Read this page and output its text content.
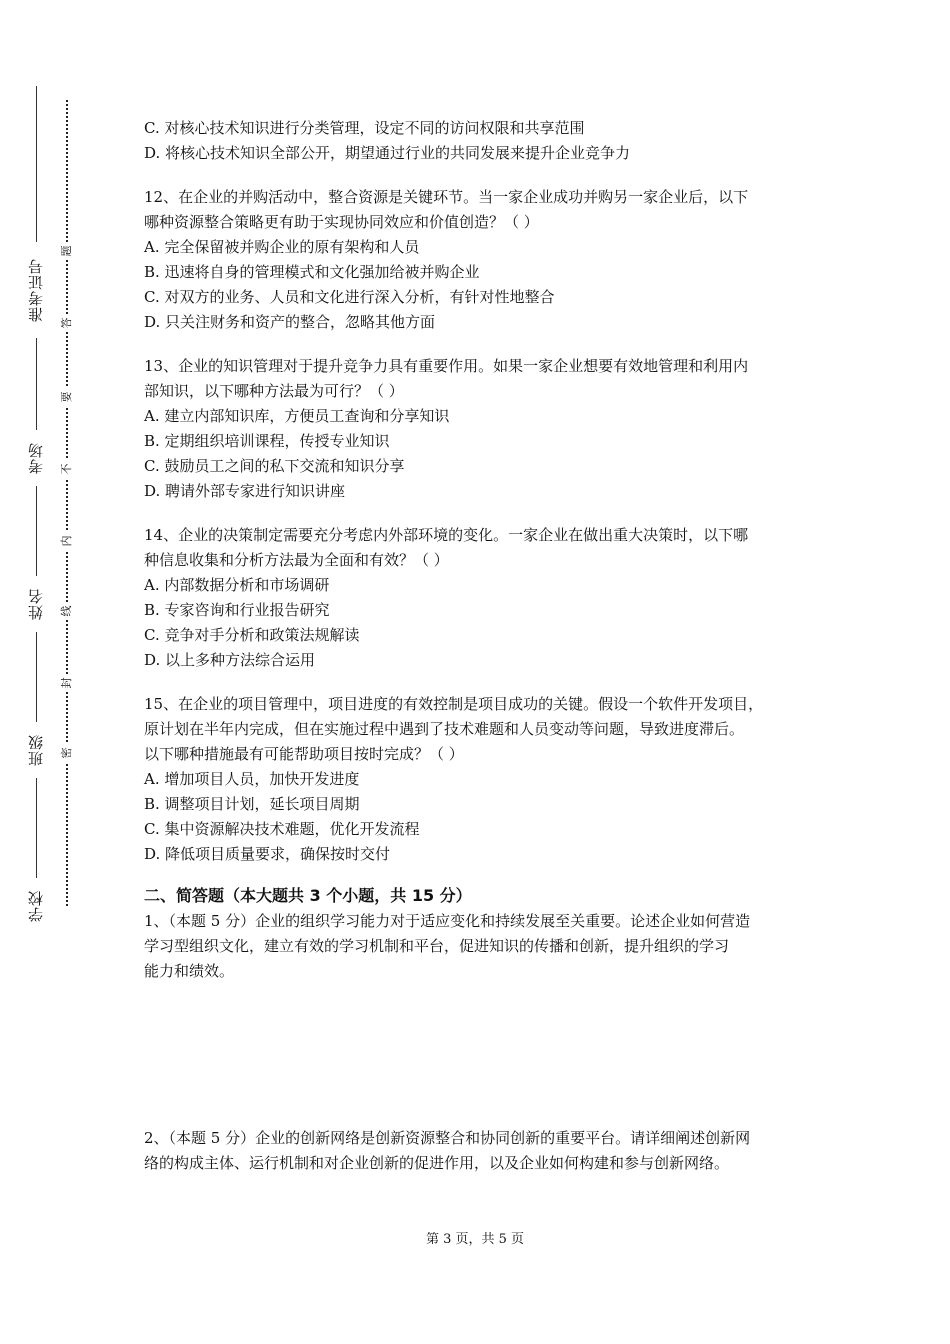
准考证号
考场
姓名
班级
学校
题
答
要
不
内
线
封
密
C. 对核心技术知识进行分类管理，设定不同的访问权限和共享范围
D. 将核心技术知识全部公开，期望通过行业的共同发展来提升企业竞争力
12、在企业的并购活动中，整合资源是关键环节。当一家企业成功并购另一家企业后，以下
哪种资源整合策略更有助于实现协同效应和价值创造？（ ）
A. 完全保留被并购企业的原有架构和人员
B. 迅速将自身的管理模式和文化强加给被并购企业
C. 对双方的业务、人员和文化进行深入分析，有针对性地整合
D. 只关注财务和资产的整合，忽略其他方面
13、企业的知识管理对于提升竞争力具有重要作用。如果一家企业想要有效地管理和利用内
部知识，以下哪种方法最为可行？（ ）
A. 建立内部知识库，方便员工查询和分享知识
B. 定期组织培训课程，传授专业知识
C. 鼓励员工之间的私下交流和知识分享
D. 聘请外部专家进行知识讲座
14、企业的决策制定需要充分考虑内外部环境的变化。一家企业在做出重大决策时，以下哪
种信息收集和分析方法最为全面和有效？（ ）
A. 内部数据分析和市场调研
B. 专家咨询和行业报告研究
C. 竞争对手分析和政策法规解读
D. 以上多种方法综合运用
15、在企业的项目管理中，项目进度的有效控制是项目成功的关键。假设一个软件开发项目，
原计划在半年内完成，但在实施过程中遇到了技术难题和人员变动等问题，导致进度滞后。
以下哪种措施最有可能帮助项目按时完成？（ ）
A. 增加项目人员，加快开发进度
B. 调整项目计划，延长项目周期
C. 集中资源解决技术难题，优化开发流程
D. 降低项目质量要求，确保按时交付
二、简答题（本大题共 3 个小题，共 15 分）
1、（本题 5 分）企业的组织学习能力对于适应变化和持续发展至关重要。论述企业如何营造
学习型组织文化，建立有效的学习机制和平台，促进知识的传播和创新，提升组织的学习
能力和绩效。
2、（本题 5 分）企业的创新网络是创新资源整合和协同创新的重要平台。请详细阐述创新网
络的构成主体、运行机制和对企业创新的促进作用，以及企业如何构建和参与创新网络。
第 3 页，共 5 页
